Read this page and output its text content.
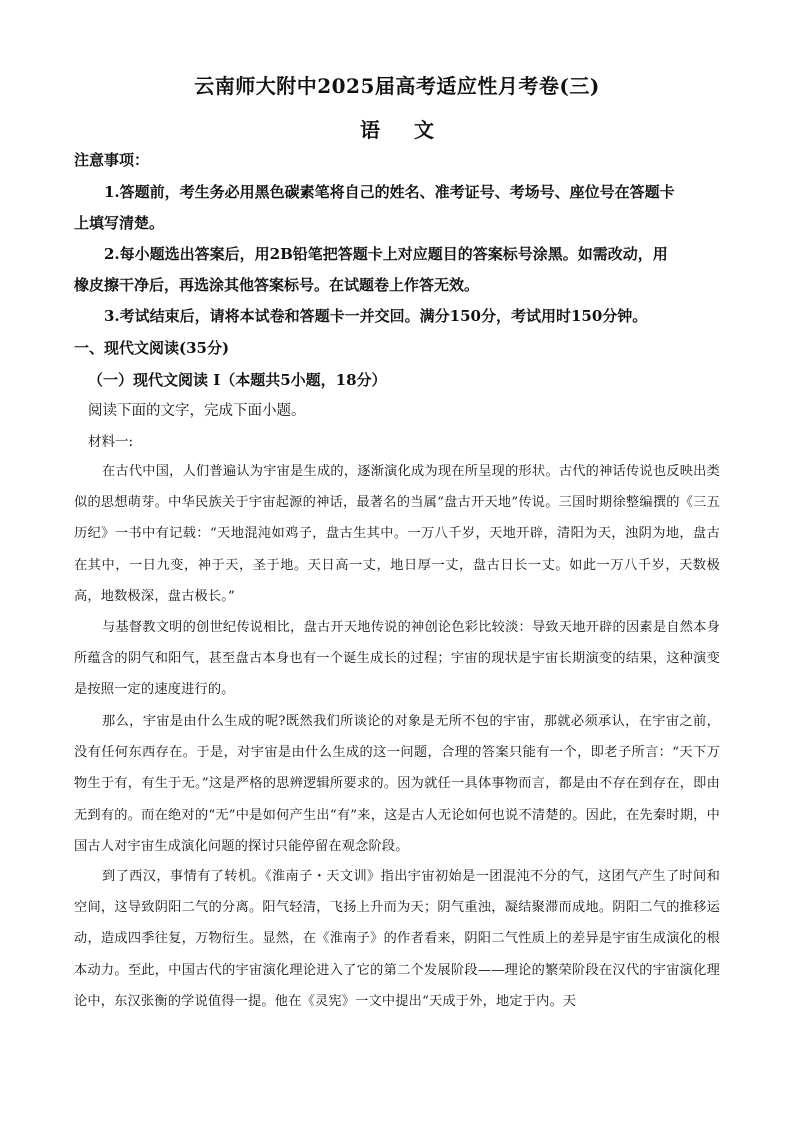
云南师大附中2025届高考适应性月考卷(三)
语 文
注意事项：
1.答题前，考生务必用黑色碳素笔将自己的姓名、准考证号、考场号、座位号在答题卡
上填写清楚。
2.每小题选出答案后，用2B铅笔把答题卡上对应题目的答案标号涂黑。如需改动，用
橡皮擦干净后，再选涂其他答案标号。在试题卷上作答无效。
3.考试结束后，请将本试卷和答题卡一并交回。满分150分，考试用时150分钟。
一、现代文阅读(35分)
（一）现代文阅读 I（本题共5小题，18分）
阅读下面的文字，完成下面小题。
材料一:
在古代中国，人们普遍认为宇宙是生成的，逐渐演化成为现在所呈现的形状。古代的神话传说也反映出类似的思想萌芽。中华民族关于宇宙起源的神话，最著名的当属“盘古开天地”传说。三国时期徐整编撰的《三五历纪》一书中有记载：“天地混沌如鸡子，盘古生其中。一万八千岁，天地开辟，清阳为天，浊阴为地，盘古在其中，一日九变，神于天，圣于地。天日高一丈，地日厚一丈，盘古日长一丈。如此一万八千岁，天数极高，地数极深，盘古极长。”
与基督教文明的创世纪传说相比，盘古开天地传说的神创论色彩比较淡：导致天地开辟的因素是自然本身所蕴含的阴气和阳气，甚至盘古本身也有一个诞生成长的过程；宇宙的现状是宇宙长期演变的结果，这种演变是按照一定的速度进行的。
那么，宇宙是由什么生成的呢?既然我们所谈论的对象是无所不包的宇宙，那就必须承认，在宇宙之前，没有任何东西存在。于是，对宇宙是由什么生成的这一问题，合理的答案只能有一个，即老子所言：“天下万物生于有，有生于无。”这是严格的思辨逻辑所要求的。因为就任一具体事物而言，都是由不存在到存在，即由无到有的。而在绝对的“无”中是如何产生出“有”来，这是古人无论如何也说不清楚的。因此，在先秦时期，中国古人对宇宙生成演化问题的探讨只能停留在观念阶段。
到了西汉，事情有了转机。《淮南子・天文训》指出宇宙初始是一团混沌不分的气，这团气产生了时间和空间，这导致阴阳二气的分离。阳气轻清，飞扬上升而为天；阴气重浊，凝结聚滞而成地。阴阳二气的推移运动，造成四季往复，万物衍生。显然，在《淮南子》的作者看来，阴阳二气性质上的差异是宇宙生成演化的根本动力。至此，中国古代的宇宙演化理论进入了它的第二个发展阶段——理论的繁荣阶段在汉代的宇宙演化理论中，东汉张衡的学说值得一提。他在《灵宪》一文中提出“天成于外，地定于内。天
